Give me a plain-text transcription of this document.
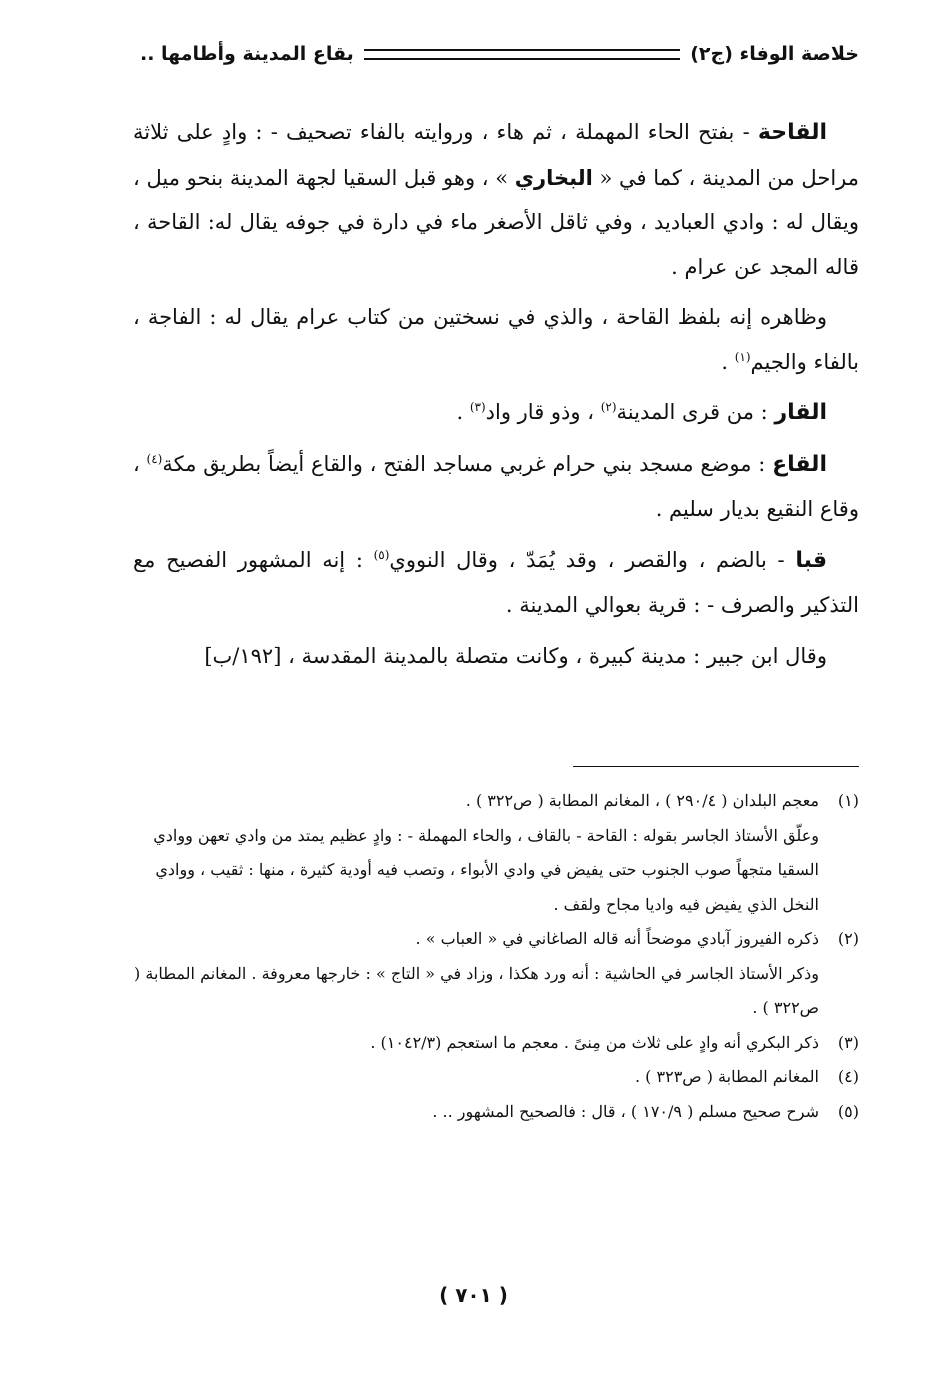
خلاصة الوفاء (ج٢)
بقاع المدينة وأطامها ..

القاحة - بفتح الحاء المهملة ، ثم هاء ، وروايته بالفاء تصحيف - : وادٍ على ثلاثة مراحل من المدينة ، كما في « البخاري » ، وهو قبل السقيا لجهة المدينة بنحو ميل ، ويقال له : وادي العباديد ، وفي ثاقل الأصغر ماء في دارة في جوفه يقال له: القاحة ، قاله المجد عن عرام .

وظاهره إنه بلفظ القاحة ، والذي في نسختين من كتاب عرام يقال له : الفاجة ، بالفاء والجيم$^{(١)}$ .

القار : من قرى المدينة$^{(٢)}$ ، وذو قار واد$^{(٣)}$ .

القاع : موضع مسجد بني حرام غربي مساجد الفتح ، والقاع أيضاً بطريق مكة$^{(٤)}$ ، وقاع النقيع بديار سليم .

قبا - بالضم ، والقصر ، وقد يُمَدّ ، وقال النووي$^{(٥)}$ : إنه المشهور الفصيح مع التذكير والصرف - : قرية بعوالي المدينة .

وقال ابن جبير : مدينة كبيرة ، وكانت متصلة بالمدينة المقدسة ، [١٩٢/ب]

(١)
معجم البلدان ( ٢٩٠/٤ ) ، المغانم المطابة ( ص٣٢٢ ) .
وعلّق الأستاذ الجاسر بقوله : القاحة - بالقاف ، والحاء المهملة - : وادٍ عظيم يمتد من وادي تعهن ووادي السقيا متجهاً صوب الجنوب حتى يفيض في وادي الأبواء ، وتصب فيه أودية كثيرة ، منها : ثقيب ، ووادي النخل الذي يفيض فيه واديا مجاح ولقف .
(٢)
ذكره الفيروز آبادي موضحاً أنه قاله الصاغاني في « العباب » .
وذكر الأستاذ الجاسر في الحاشية : أنه ورد هكذا ، وزاد في « التاج » : خارجها معروفة . المغانم المطابة ( ص٣٢٢ ) .
(٣)
ذكر البكري أنه وادٍ على ثلاث من مِنىً . معجم ما استعجم (١٠٤٢/٣) .
(٤)
المغانم المطابة ( ص٣٢٣ ) .
(٥)
شرح صحيح مسلم ( ١٧٠/٩ ) ، قال : فالصحيح المشهور .. .
( ٧٠١ )
